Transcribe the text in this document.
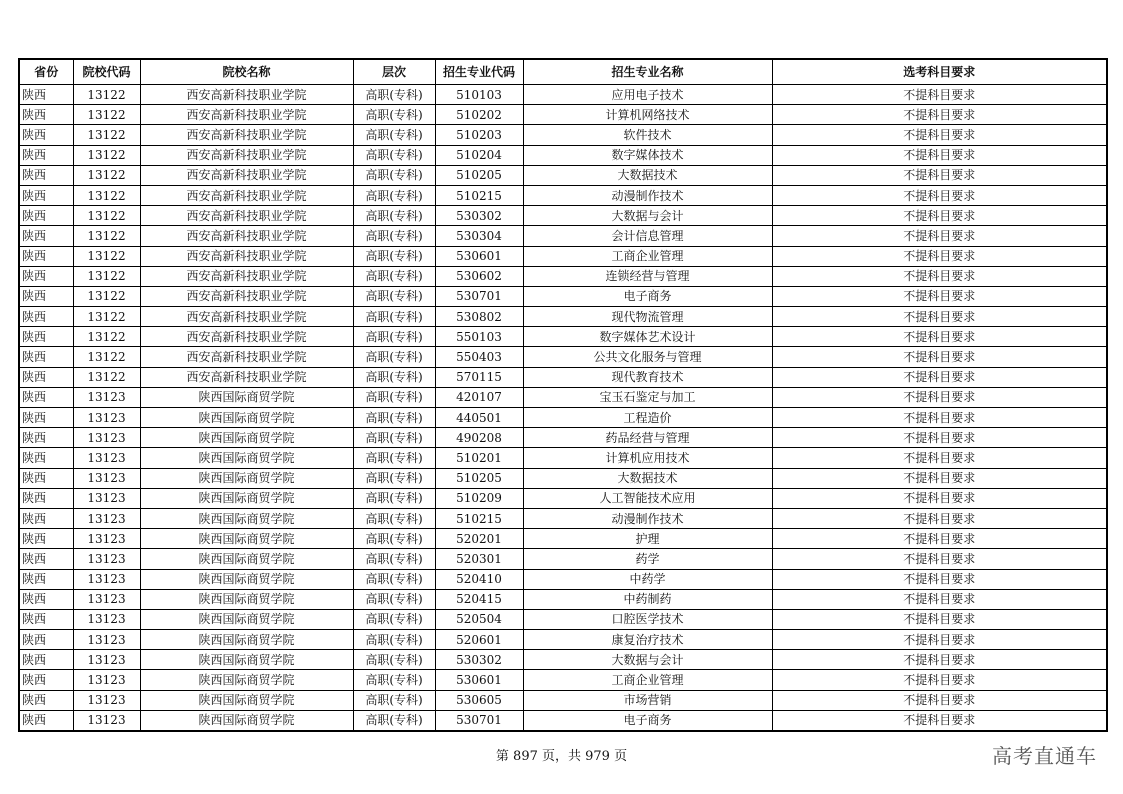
省份	院校代码	院校名称	层次	招生专业代码	招生专业名称	选考科目要求
陕西	13122	西安高新科技职业学院	高职(专科)	510103	应用电子技术	不提科目要求
陕西	13122	西安高新科技职业学院	高职(专科)	510202	计算机网络技术	不提科目要求
陕西	13122	西安高新科技职业学院	高职(专科)	510203	软件技术	不提科目要求
陕西	13122	西安高新科技职业学院	高职(专科)	510204	数字媒体技术	不提科目要求
陕西	13122	西安高新科技职业学院	高职(专科)	510205	大数据技术	不提科目要求
陕西	13122	西安高新科技职业学院	高职(专科)	510215	动漫制作技术	不提科目要求
陕西	13122	西安高新科技职业学院	高职(专科)	530302	大数据与会计	不提科目要求
陕西	13122	西安高新科技职业学院	高职(专科)	530304	会计信息管理	不提科目要求
陕西	13122	西安高新科技职业学院	高职(专科)	530601	工商企业管理	不提科目要求
陕西	13122	西安高新科技职业学院	高职(专科)	530602	连锁经营与管理	不提科目要求
陕西	13122	西安高新科技职业学院	高职(专科)	530701	电子商务	不提科目要求
陕西	13122	西安高新科技职业学院	高职(专科)	530802	现代物流管理	不提科目要求
陕西	13122	西安高新科技职业学院	高职(专科)	550103	数字媒体艺术设计	不提科目要求
陕西	13122	西安高新科技职业学院	高职(专科)	550403	公共文化服务与管理	不提科目要求
陕西	13122	西安高新科技职业学院	高职(专科)	570115	现代教育技术	不提科目要求
陕西	13123	陕西国际商贸学院	高职(专科)	420107	宝玉石鉴定与加工	不提科目要求
陕西	13123	陕西国际商贸学院	高职(专科)	440501	工程造价	不提科目要求
陕西	13123	陕西国际商贸学院	高职(专科)	490208	药品经营与管理	不提科目要求
陕西	13123	陕西国际商贸学院	高职(专科)	510201	计算机应用技术	不提科目要求
陕西	13123	陕西国际商贸学院	高职(专科)	510205	大数据技术	不提科目要求
陕西	13123	陕西国际商贸学院	高职(专科)	510209	人工智能技术应用	不提科目要求
陕西	13123	陕西国际商贸学院	高职(专科)	510215	动漫制作技术	不提科目要求
陕西	13123	陕西国际商贸学院	高职(专科)	520201	护理	不提科目要求
陕西	13123	陕西国际商贸学院	高职(专科)	520301	药学	不提科目要求
陕西	13123	陕西国际商贸学院	高职(专科)	520410	中药学	不提科目要求
陕西	13123	陕西国际商贸学院	高职(专科)	520415	中药制药	不提科目要求
陕西	13123	陕西国际商贸学院	高职(专科)	520504	口腔医学技术	不提科目要求
陕西	13123	陕西国际商贸学院	高职(专科)	520601	康复治疗技术	不提科目要求
陕西	13123	陕西国际商贸学院	高职(专科)	530302	大数据与会计	不提科目要求
陕西	13123	陕西国际商贸学院	高职(专科)	530601	工商企业管理	不提科目要求
陕西	13123	陕西国际商贸学院	高职(专科)	530605	市场营销	不提科目要求
陕西	13123	陕西国际商贸学院	高职(专科)	530701	电子商务	不提科目要求
第 897 页，共 979 页	高考直通车
